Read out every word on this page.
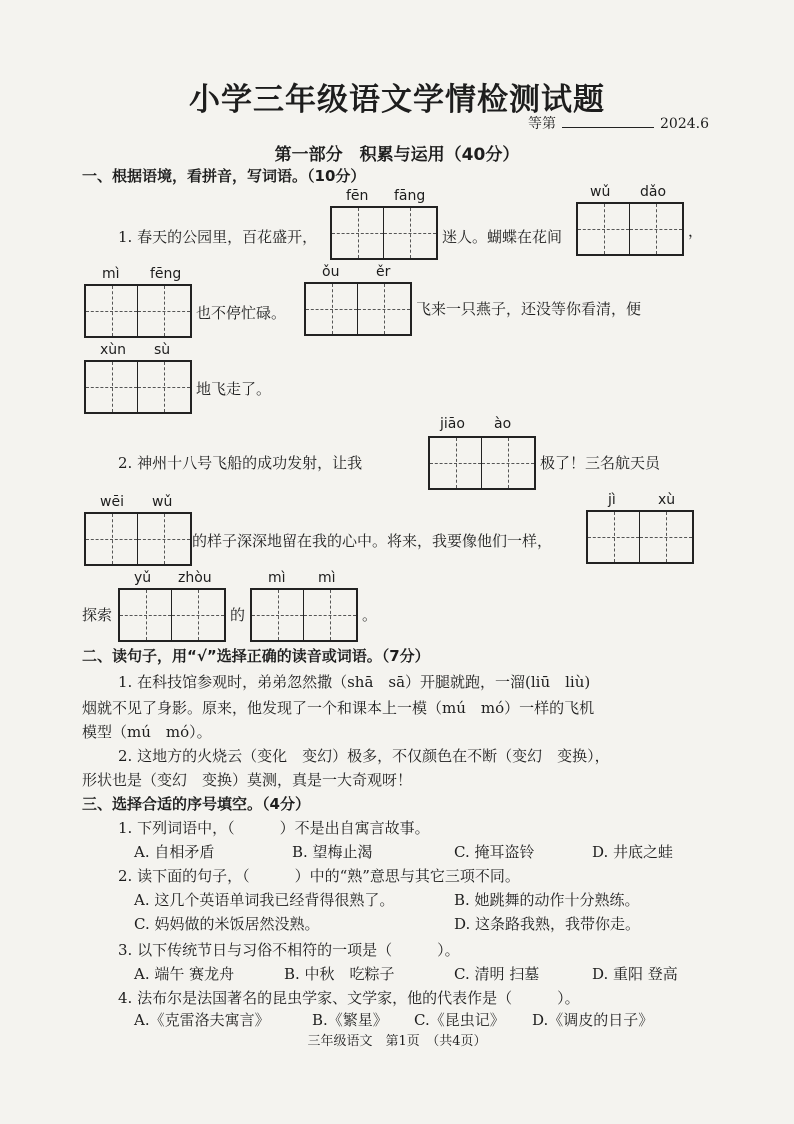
小学三年级语文学情检测试题
等第	2024.6
第一部分　积累与运用（40分）
一、根据语境，看拼音，写词语。（10分）
fēn fāng	wǔ dǎo
1. 春天的公园里，百花盛开，	迷人。蝴蝶在花间	，
mì fēng	ǒu	ěr
也不停忙碌。	飞来一只燕子，还没等你看清，便
xùn sù
地飞走了。
jiāo ào
2. 神州十八号飞船的成功发射，让我	极了！三名航天员
wēi wǔ	jì	xù
的样子深深地留在我的心中。将来，我要像他们一样，
yǔ zhòu	mì mì
探索	的	。
二、读句子，用“√”选择正确的读音或词语。（7分）
1. 在科技馆参观时，弟弟忽然撒（shā　sā）开腿就跑，一溜(liū　liù)
烟就不见了身影。原来，他发现了一个和课本上一模（mú　mó）一样的飞机
模型（mú　mó）。
2. 这地方的火烧云（变化　变幻）极多，不仅颜色在不断（变幻　变换），
形状也是（变幻　变换）莫测，真是一大奇观呀！
三、选择合适的序号填空。（4分）
1. 下列词语中，（　　　）不是出自寓言故事。
A. 自相矛盾	B. 望梅止渴	C. 掩耳盗铃	D. 井底之蛙
2. 读下面的句子，（　　　）中的“熟”意思与其它三项不同。
A. 这几个英语单词我已经背得很熟了。	B. 她跳舞的动作十分熟练。
C. 妈妈做的米饭居然没熟。	D. 这条路我熟，我带你走。
3. 以下传统节日与习俗不相符的一项是（　　　）。
A. 端午 赛龙舟	B. 中秋　吃粽子	C. 清明 扫墓	D. 重阳 登高
4. 法布尔是法国著名的昆虫学家、文学家，他的代表作是（　　　）。
A.《克雷洛夫寓言》	B.《繁星》 C.《昆虫记》 D.《调皮的日子》
三年级语文　第1页　（共4页）
